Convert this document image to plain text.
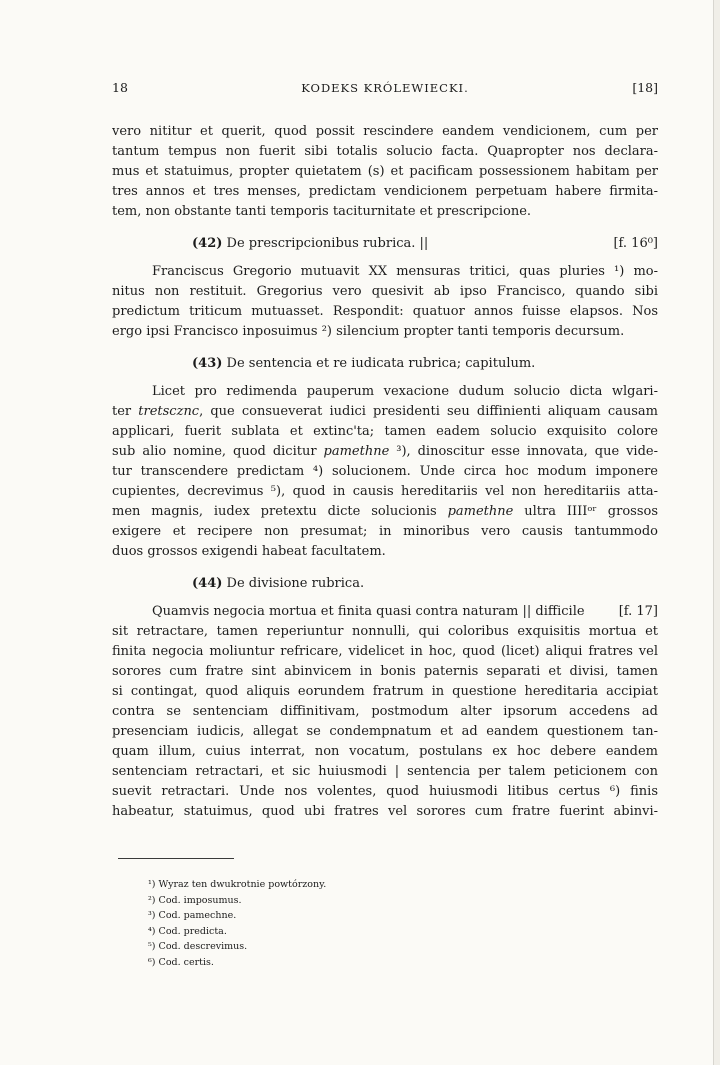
18	KODEKS KRÓLEWIECKI.	[18]
vero nititur et querit, quod possit rescindere eandem vendicionem, cum per
tantum tempus non fuerit sibi totalis solucio facta. Quapropter nos declara-
mus et statuimus, propter quietatem (s) et pacificam possessionem habitam per
tres annos et tres menses, predictam vendicionem perpetuam habere firmita-
tem, non obstante tanti temporis taciturnitate et prescripcione.
(42) De prescripcionibus rubrica. ||	[f. 16⁰]
Franciscus Gregorio mutuavit XX mensuras tritici, quas pluries ¹) mo-
nitus non restituit. Gregorius vero quesivit ab ipso Francisco, quando sibi
predictum triticum mutuasset. Respondit: quatuor annos fuisse elapsos. Nos
ergo ipsi Francisco inposuimus ²) silencium propter tanti temporis decursum.
(43) De sentencia et re iudicata rubrica; capitulum.
Licet pro redimenda pauperum vexacione dudum solucio dicta wlgari-
ter tretscznc, que consueverat iudici presidenti seu diffinienti aliquam causam
applicari, fuerit sublata et extinc'ta; tamen eadem solucio exquisito colore
sub alio nomine, quod dicitur pamethne ³), dinoscitur esse innovata, que vide-
tur transcendere predictam ⁴) solucionem. Unde circa hoc modum imponere
cupientes, decrevimus ⁵), quod in causis hereditariis vel non hereditariis atta-
men magnis, iudex pretextu dicte solucionis pamethne ultra IIIIᵒʳ grossos
exigere et recipere non presumat; in minoribus vero causis tantummodo
duos grossos exigendi habeat facultatem.
(44) De divisione rubrica.
Quamvis negocia mortua et finita quasi contra naturam || difficile	[f. 17]
sit retractare, tamen reperiuntur nonnulli, qui coloribus exquisitis mortua et
finita negocia moliuntur refricare, videlicet in hoc, quod (licet) aliqui fratres vel
sorores cum fratre sint abinvicem in bonis paternis separati et divisi, tamen
si contingat, quod aliquis eorundem fratrum in questione hereditaria accipiat
contra se sentenciam diffinitivam, postmodum alter ipsorum accedens ad
presenciam iudicis, allegat se condempnatum et ad eandem questionem tan-
quam illum, cuius interrat, non vocatum, postulans ex hoc debere eandem
sentenciam retractari, et sic huiusmodi | sentencia per talem peticionem con
suevit retractari. Unde nos volentes, quod huiusmodi litibus certus ⁶) finis
habeatur, statuimus, quod ubi fratres vel sorores cum fratre fuerint abinvi-
¹) Wyraz ten dwukrotnie powtórzony.
²) Cod. imposumus.
³) Cod. pamechne.
⁴) Cod. predicta.
⁵) Cod. descrevimus.
⁶) Cod. certis.
